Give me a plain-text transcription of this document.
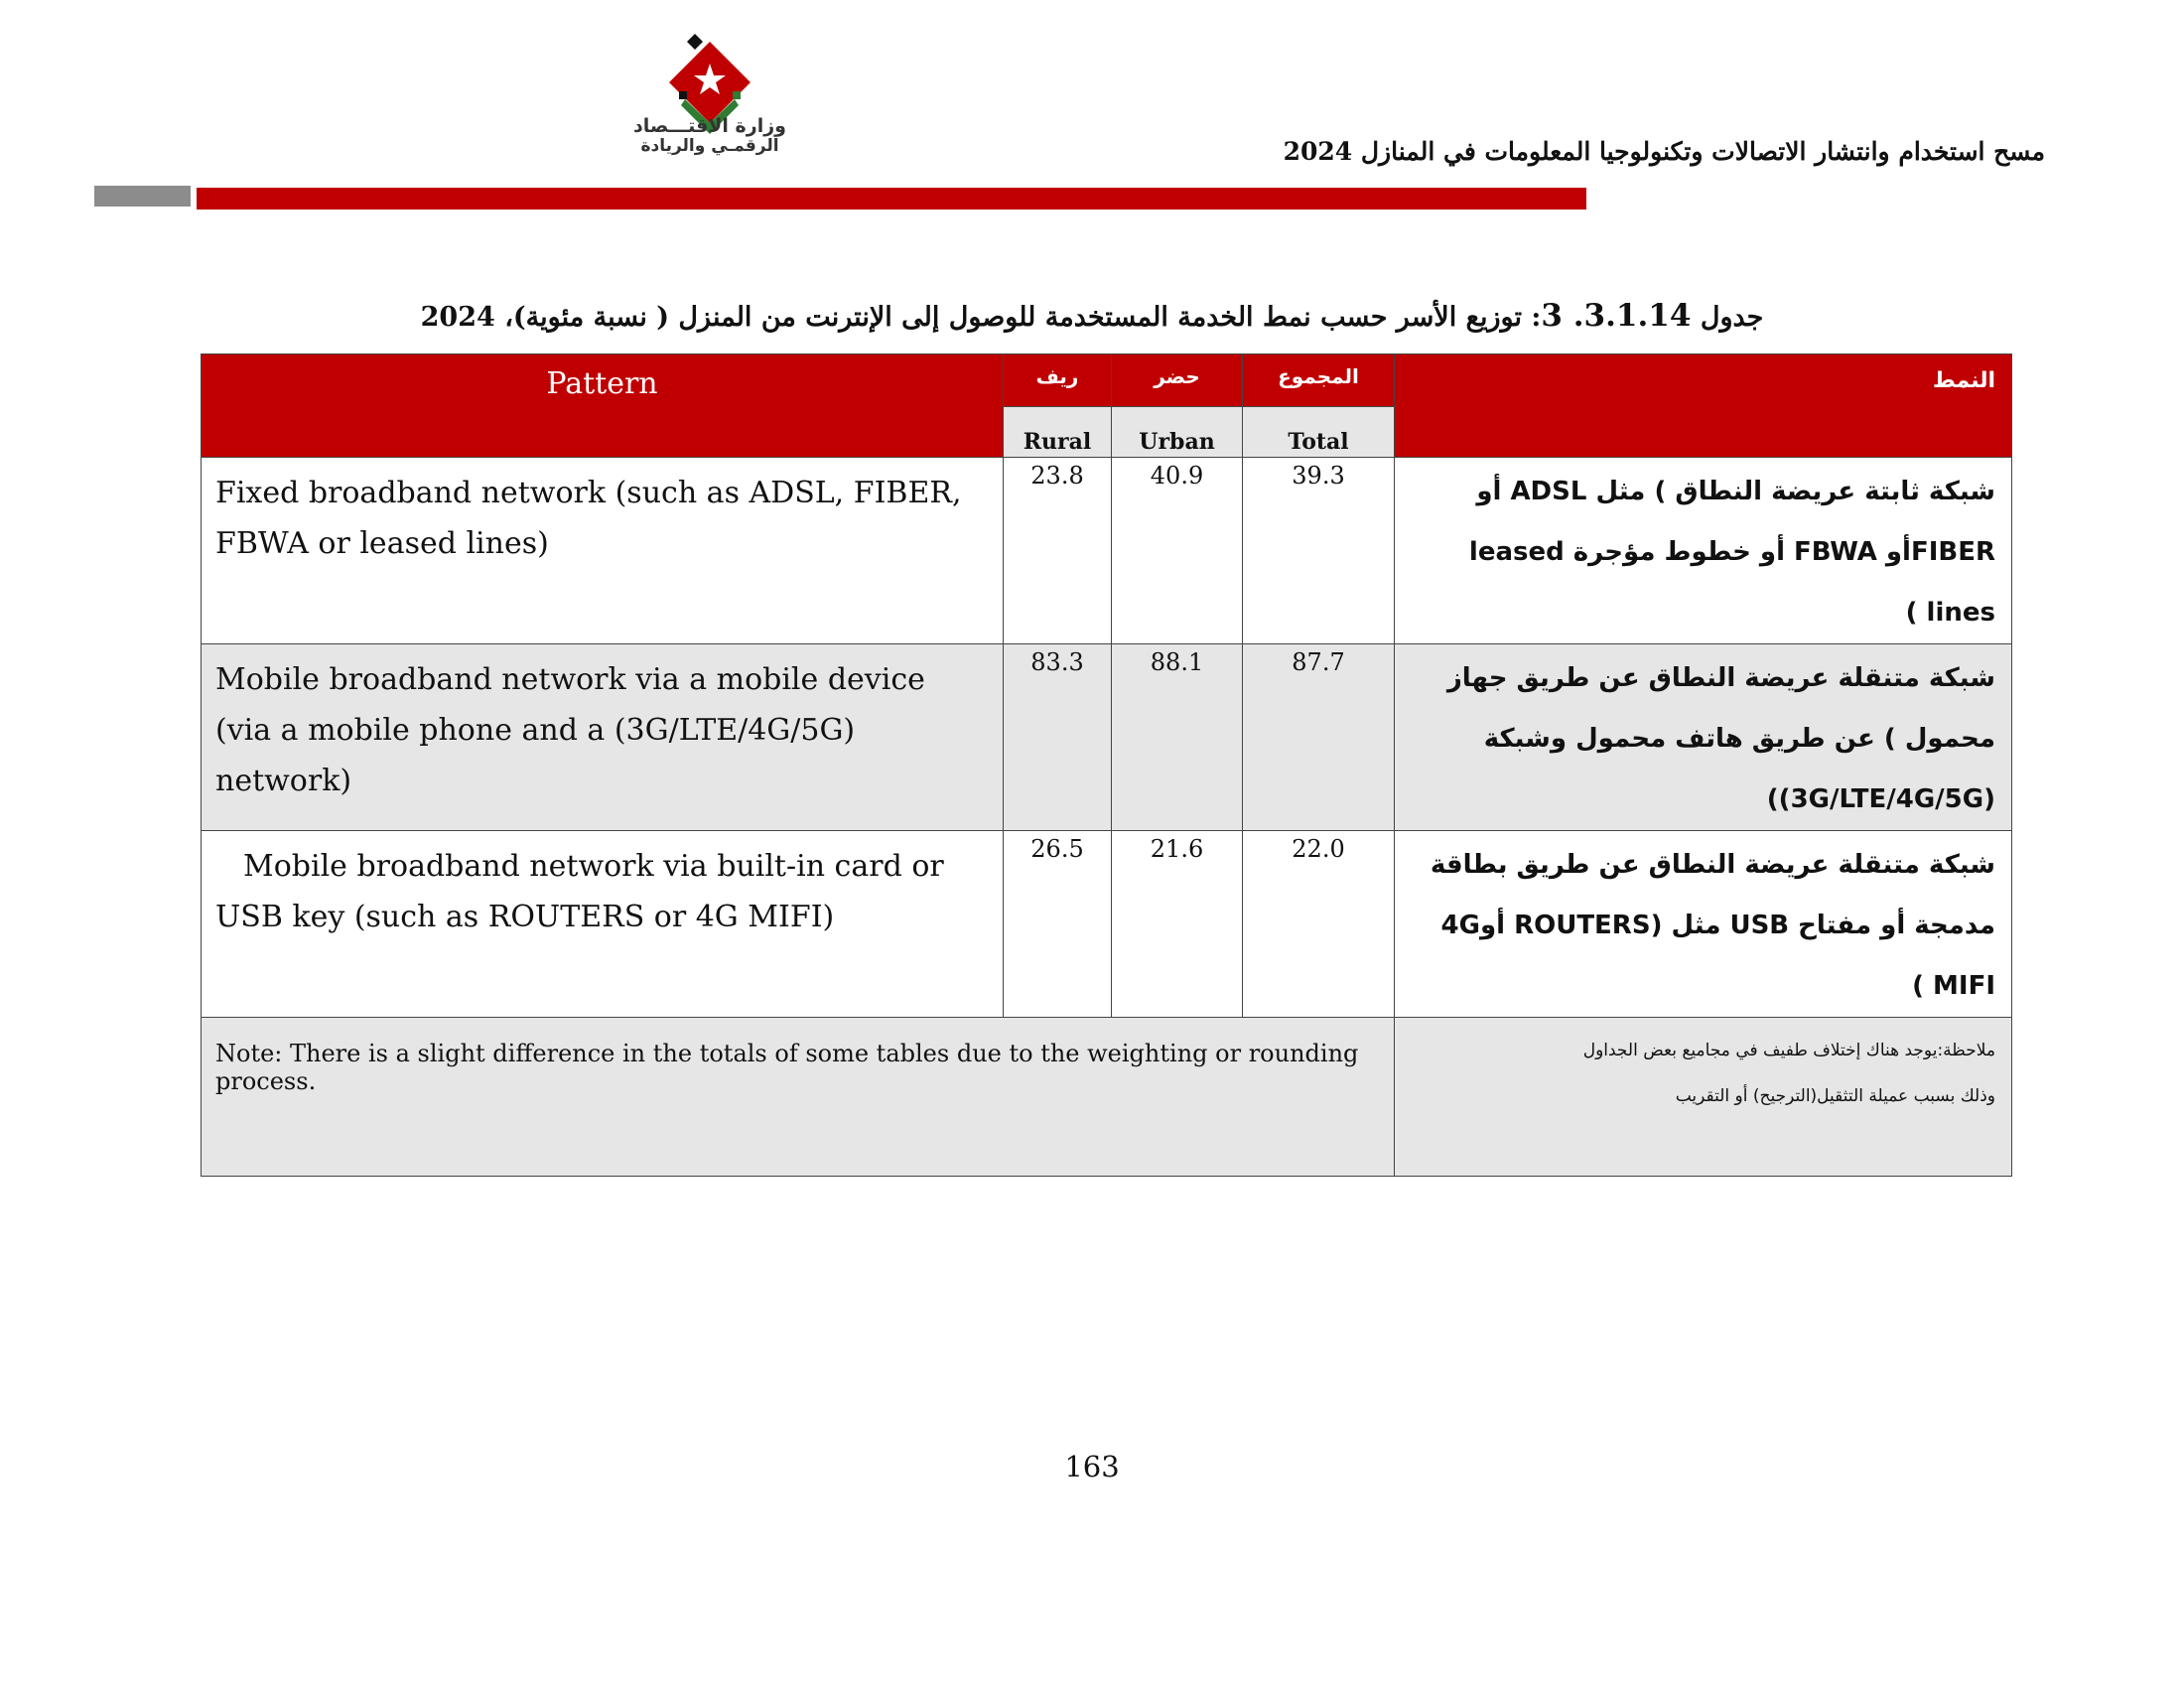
وزارة الاقتـــصاد
الرقمـي والريادة	مسح استخدام وانتشار الاتصالات وتكنولوجيا المعلومات في المنازل 2024
جدول 3.1.14. 3: توزيع الأسر حسب نمط الخدمة المستخدمة للوصول إلى الإنترنت من المنزل ( نسبة مئوية)، 2024
Pattern	ريف	حضر	المجموع	النمط
	Rural	Urban	Total	
Fixed broadband network (such as ADSL, FIBER, FBWA or leased lines)	23.8	40.9	39.3	شبكة ثابتة عريضة النطاق ) مثل ADSL أو FIBERأو FBWA أو خطوط مؤجرة leased lines )
Mobile broadband network via a mobile device (via a mobile phone and a (3G/LTE/4G/5G) network)	83.3	88.1	87.7	شبكة متنقلة عريضة النطاق عن طريق جهاز محمول ) عن طريق هاتف محمول وشبكة (3G/LTE/4G/5G))
Mobile broadband network via built-in card or USB key (such as ROUTERS or 4G MIFI)	26.5	21.6	22.0	شبكة متنقلة عريضة النطاق عن طريق بطاقة مدمجة أو مفتاح USB مثل (ROUTERS أو4G MIFI )
Note: There is a slight difference in the totals of some tables due to the weighting or rounding process.				ملاحظة:يوجد هناك إختلاف طفيف في مجاميع بعض الجداول
وذلك بسبب عميلة التثقيل(الترجيح) أو التقريب
163
